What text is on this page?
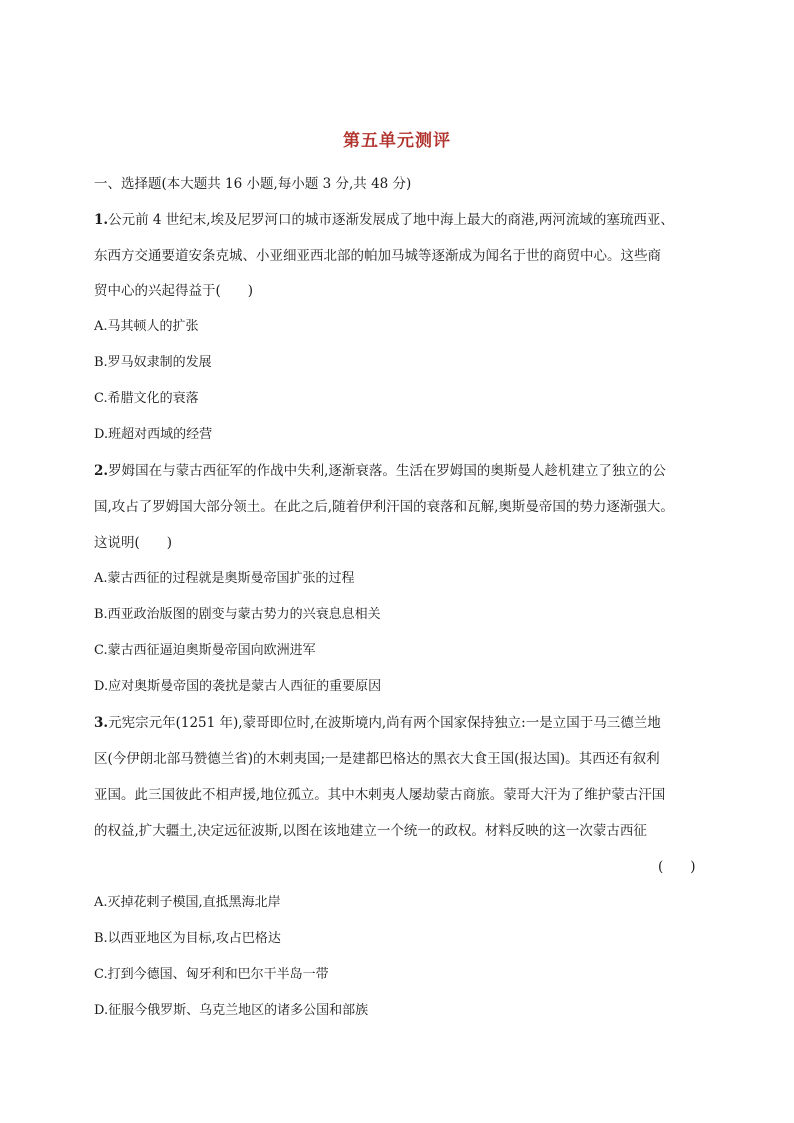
第五单元测评
一、选择题(本大题共 16 小题,每小题 3 分,共 48 分)
1.公元前 4 世纪末,埃及尼罗河口的城市逐渐发展成了地中海上最大的商港,两河流域的塞琉西亚、
东西方交通要道安条克城、小亚细亚西北部的帕加马城等逐渐成为闻名于世的商贸中心。这些商
贸中心的兴起得益于(　　)
A.马其顿人的扩张
B.罗马奴隶制的发展
C.希腊文化的衰落
D.班超对西域的经营
2.罗姆国在与蒙古西征军的作战中失利,逐渐衰落。生活在罗姆国的奥斯曼人趁机建立了独立的公
国,攻占了罗姆国大部分领土。在此之后,随着伊利汗国的衰落和瓦解,奥斯曼帝国的势力逐渐强大。
这说明(　　)
A.蒙古西征的过程就是奥斯曼帝国扩张的过程
B.西亚政治版图的剧变与蒙古势力的兴衰息息相关
C.蒙古西征逼迫奥斯曼帝国向欧洲进军
D.应对奥斯曼帝国的袭扰是蒙古人西征的重要原因
3.元宪宗元年(1251 年),蒙哥即位时,在波斯境内,尚有两个国家保持独立:一是立国于马三德兰地
区(今伊朗北部马赞德兰省)的木剌夷国;一是建都巴格达的黑衣大食王国(报达国)。其西还有叙利
亚国。此三国彼此不相声援,地位孤立。其中木剌夷人屡劫蒙古商旅。蒙哥大汗为了维护蒙古汗国
的权益,扩大疆土,决定远征波斯,以图在该地建立一个统一的政权。材料反映的这一次蒙古西征
(　　)
A.灭掉花剌子模国,直抵黑海北岸
B.以西亚地区为目标,攻占巴格达
C.打到今德国、匈牙利和巴尔干半岛一带
D.征服今俄罗斯、乌克兰地区的诸多公国和部族
